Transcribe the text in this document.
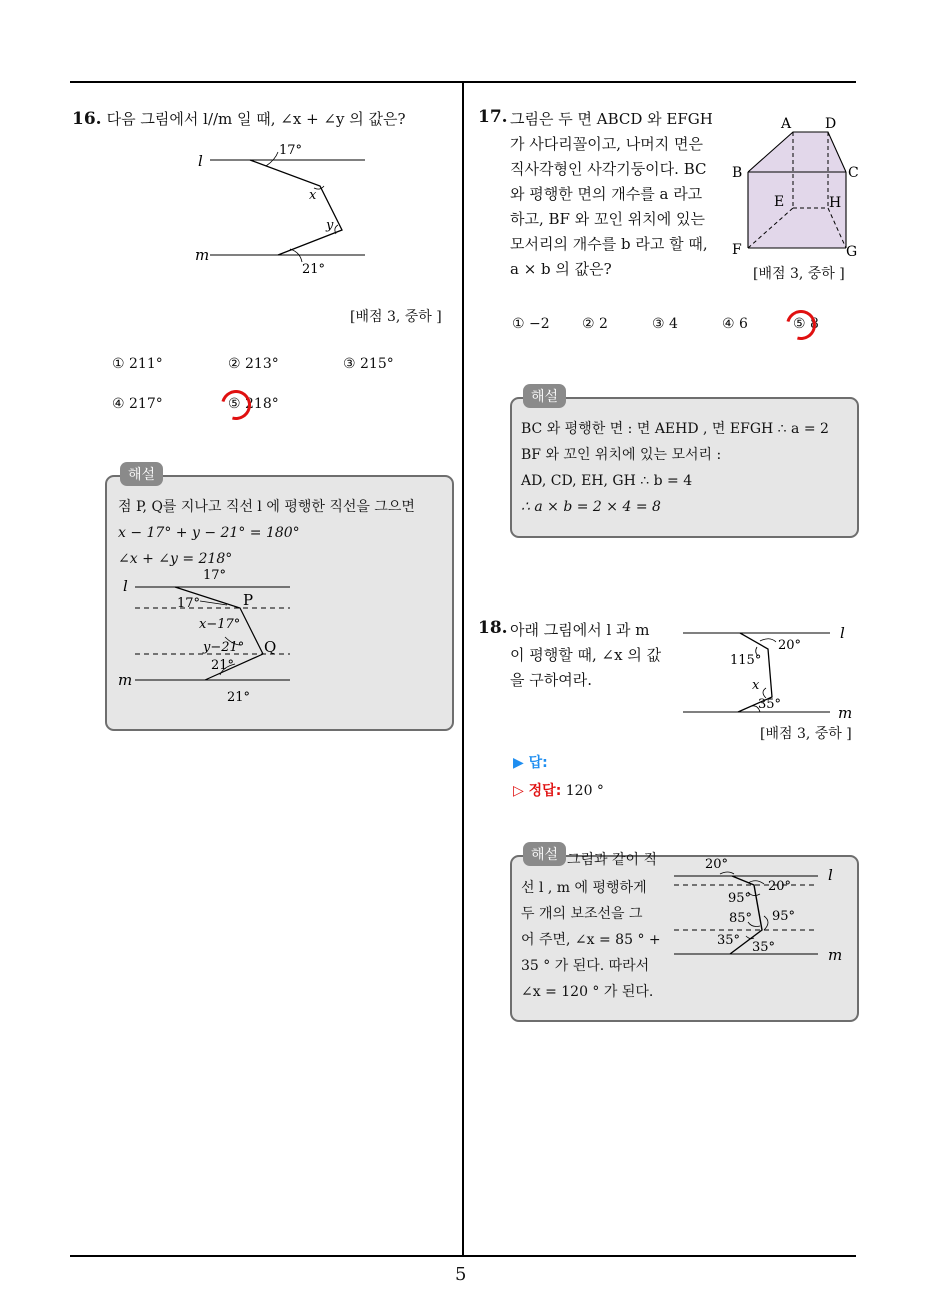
5
16. 다음 그림에서 l//m 일 때, ∠x + ∠y 의 값은?
l
m
17°
21°
x
y
[배점 3, 중하 ]
① 211°	② 213°	③ 215°
④ 217°	⑤ 218°
해설
점 P, Q를 지나고 직선 l 에 평행한 직선을 그으면
x − 17° + y − 21° = 180°
∠x + ∠y = 218°
l
m
17°
17°	P
x−17°
y−21° Q
21°
21°
17. 그림은 두 면 ABCD 와 EFGH
가 사다리꼴이고, 나머지 면은
직사각형인 사각기둥이다. BC
와 평행한 면의 개수를 a 라고
하고, BF 와 꼬인 위치에 있는
모서리의 개수를 b 라고 할 때,
a × b 의 값은?
A D
B	C
E	H
F	G
[배점 3, 중하 ]
① −2 ② 2	③ 4	④ 6	⑤ 8
해설
BC 와 평행한 면 : 면 AEHD , 면 EFGH ∴ a = 2
BF 와 꼬인 위치에 있는 모서리 :
AD, CD, EH, GH ∴ b = 4
∴ a × b = 2 × 4 = 8
18. 아래 그림에서 l 과 m
이 평행할 때, ∠x 의 값
을 구하여라.
20°
115°
x
35°
l
m
[배점 3, 중하 ]
▶ 답:
▷ 정답: 120 °
해설 그림과 같이 직
선 l , m 에 평행하게
두 개의 보조선을 그
어 주면, ∠x = 85 ° +
35 ° 가 된다. 따라서
∠x = 120 ° 가 된다.
20°
20°
l
95°
85° 95°
35° 35°	m
